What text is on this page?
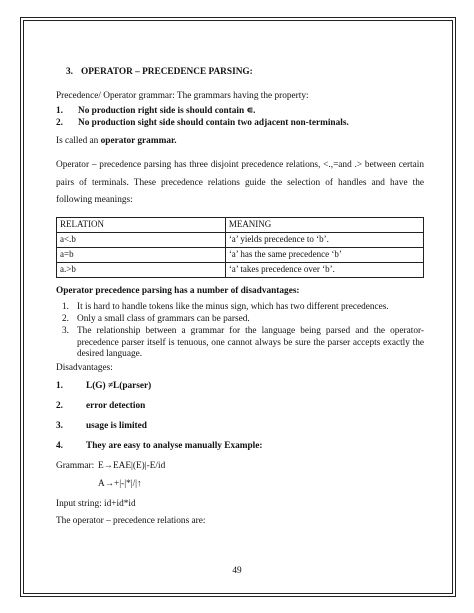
3. OPERATOR – PRECEDENCE PARSING:

Precedence/ Operator grammar: The grammars having the property:

1.	No production right side is should contain ∊.
2.	No production sight side should contain two adjacent non-terminals.

Is called an operator grammar.

Operator – precedence parsing has three disjoint precedence relations, <.,=and .> between certain pairs of terminals. These precedence relations guide the selection of handles and have the following meanings:

RELATION	MEANING
a<.b	‘a’ yields precedence to ‘b’.
a=b	‘a’ has the same precedence ‘b’
a.>b	‘a’ takes precedence over ‘b’.

Operator precedence parsing has a number of disadvantages:

1. It is hard to handle tokens like the minus sign, which has two different precedences.
2. Only a small class of grammars can be parsed.
3. The relationship between a grammar for the language being parsed and the operator-precedence parser itself is tenuous, one cannot always be sure the parser accepts exactly the desired language.

Disadvantages:

1.	L(G) ≠L(parser)
2.	error detection
3.	usage is limited
4.	They are easy to analyse manually Example:
Grammar: E→EAE|(E)|-E/id
A→+|-|*|/|↑

Input string: id+id*id

The operator – precedence relations are:

49
